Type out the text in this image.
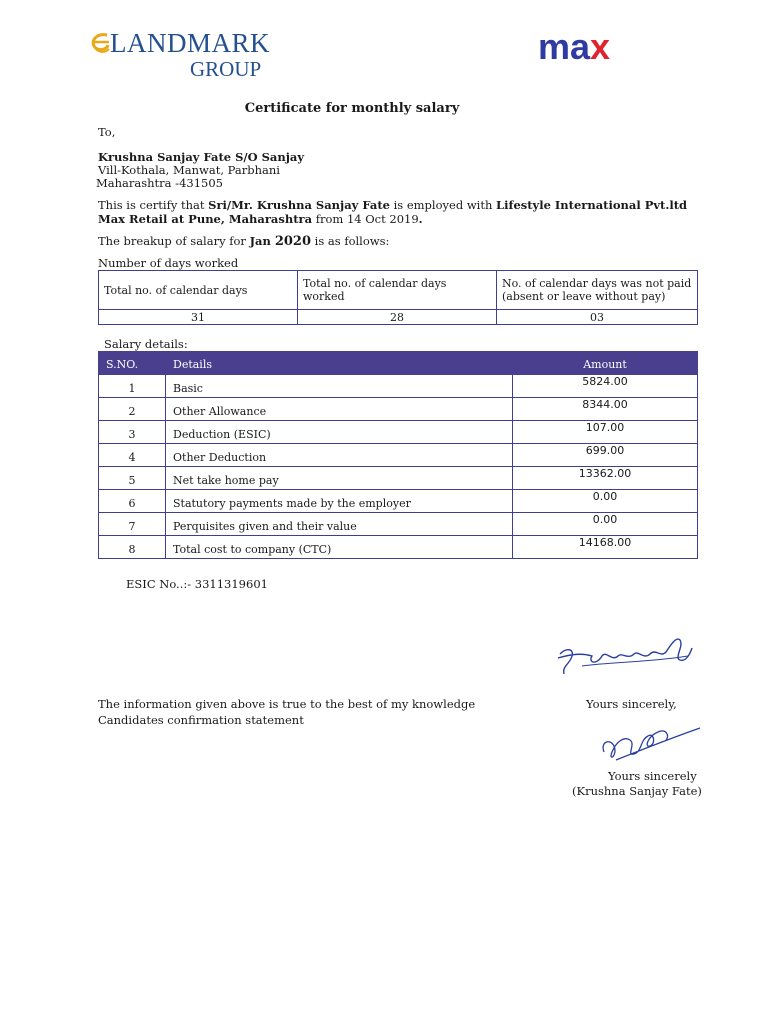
LANDMARK
GROUP
max
Certificate for monthly salary
To,
Krushna Sanjay Fate S/O Sanjay
Vill-Kothala, Manwat, Parbhani
Maharashtra -431505
This is certify that Sri/Mr. Krushna Sanjay Fate is employed with Lifestyle International Pvt.ltd Max Retail at Pune, Maharashtra from 14 Oct 2019.
The breakup of salary for Jan 2020 is as follows:
Number of days worked
Total no. of calendar days	Total no. of calendar days worked	No. of calendar days was not paid (absent or leave without pay)
31	28	03
Salary details:
S.NO.	Details	Amount
1	Basic	5824.00
2	Other Allowance	8344.00
3	Deduction (ESIC)	107.00
4	Other Deduction	699.00
5	Net take home pay	13362.00
6	Statutory payments made by the employer	0.00
7	Perquisites given and their value	0.00
8	Total cost to company (CTC)	14168.00
ESIC No..:- 3311319601
The information given above is true to the best of my knowledge
Candidates confirmation statement
Yours sincerely,
Yours sincerely
(Krushna Sanjay Fate)
